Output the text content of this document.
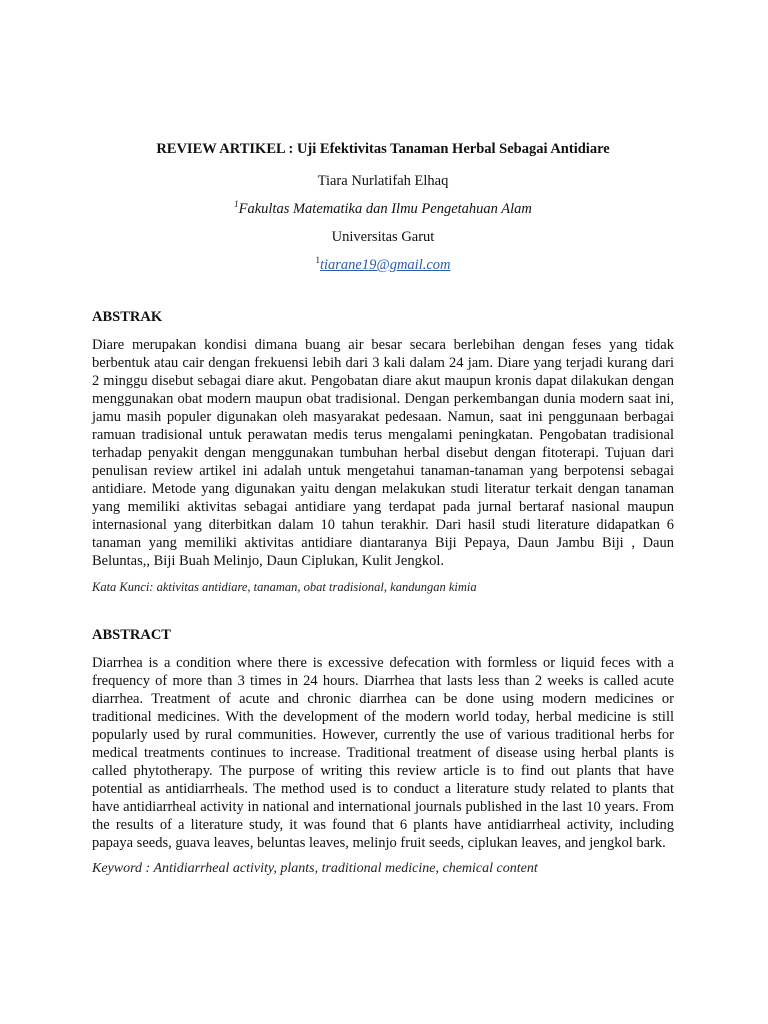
REVIEW ARTIKEL : Uji Efektivitas Tanaman Herbal Sebagai Antidiare

Tiara Nurlatifah Elhaq

$^1$Fakultas Matematika dan Ilmu Pengetahuan Alam

Universitas Garut

$^1$tiarane19@gmail.com

ABSTRAK

Diare merupakan kondisi dimana buang air besar secara berlebihan dengan feses yang tidak berbentuk atau cair dengan frekuensi lebih dari 3 kali dalam 24 jam. Diare yang terjadi kurang dari 2 minggu disebut sebagai diare akut. Pengobatan diare akut maupun kronis dapat dilakukan dengan menggunakan obat modern maupun obat tradisional. Dengan perkembangan dunia modern saat ini, jamu masih populer digunakan oleh masyarakat pedesaan. Namun, saat ini penggunaan berbagai ramuan tradisional untuk perawatan medis terus mengalami peningkatan. Pengobatan tradisional terhadap penyakit dengan menggunakan tumbuhan herbal disebut dengan fitoterapi. Tujuan dari penulisan review artikel ini adalah untuk mengetahui tanaman-tanaman yang berpotensi sebagai antidiare. Metode yang digunakan yaitu dengan melakukan studi literatur terkait dengan tanaman yang memiliki aktivitas sebagai antidiare yang terdapat pada jurnal bertaraf nasional maupun internasional yang diterbitkan dalam 10 tahun terakhir. Dari hasil studi literature didapatkan 6 tanaman yang memiliki aktivitas antidiare diantaranya Biji Pepaya, Daun Jambu Biji , Daun Beluntas,, Biji Buah Melinjo, Daun Ciplukan, Kulit Jengkol.

Kata Kunci: aktivitas antidiare, tanaman, obat tradisional, kandungan kimia

ABSTRACT

Diarrhea is a condition where there is excessive defecation with formless or liquid feces with a frequency of more than 3 times in 24 hours. Diarrhea that lasts less than 2 weeks is called acute diarrhea. Treatment of acute and chronic diarrhea can be done using modern medicines or traditional medicines. With the development of the modern world today, herbal medicine is still popularly used by rural communities. However, currently the use of various traditional herbs for medical treatments continues to increase. Traditional treatment of disease using herbal plants is called phytotherapy. The purpose of writing this review article is to find out plants that have potential as antidiarrheals. The method used is to conduct a literature study related to plants that have antidiarrheal activity in national and international journals published in the last 10 years. From the results of a literature study, it was found that 6 plants have antidiarrheal activity, including papaya seeds, guava leaves, beluntas leaves, melinjo fruit seeds, ciplukan leaves, and jengkol bark.

Keyword : Antidiarrheal activity, plants, traditional medicine, chemical content
